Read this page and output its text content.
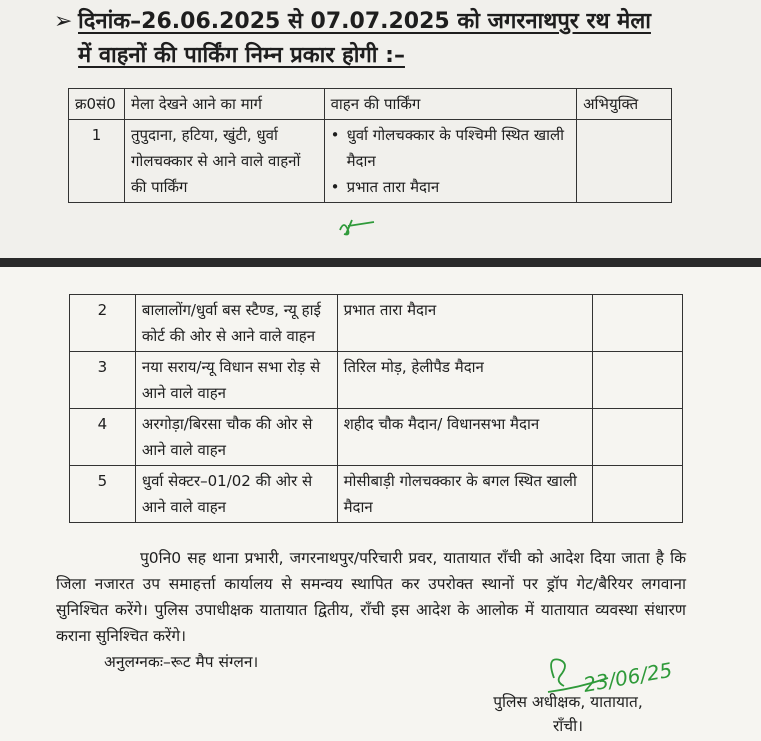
➢ दिनांक–26.06.2025 से 07.07.2025 को जगरनाथपुर रथ मेला
में वाहनों की पार्किंग निम्न प्रकार होगी :–
क्र0सं0	मेला देखने आने का मार्ग	वाहन की पार्किंग	अभियुक्ति
1	तुपुदाना, हटिया, खुंटी, धुर्वा गोलचक्कार से आने वाले वाहनों की पार्किंग	• धुर्वा गोलचक्कार के पश्चिमी स्थित खाली मैदान
• प्रभात तारा मैदान

2	बालालोंग/धुर्वा बस स्टैण्ड, न्यू हाई कोर्ट की ओर से आने वाले वाहन	प्रभात तारा मैदान	
3	नया सराय/न्यू विधान सभा रोड़ से आने वाले वाहन	तिरिल मोड़, हेलीपैड मैदान	
4	अरगोड़ा/बिरसा चौक की ओर से आने वाले वाहन	शहीद चौक मैदान/ विधानसभा मैदान	
5	धुर्वा सेक्टर–01/02 की ओर से आने वाले वाहन	मोसीबाड़ी गोलचक्कार के बगल स्थित खाली मैदान	
पु0नि0 सह थाना प्रभारी, जगरनाथपुर/परिचारी प्रवर, यातायात राँची को आदेश दिया जाता है कि जिला नजारत उप समाहर्त्ता कार्यालय से समन्वय स्थापित कर उपरोक्त स्थानों पर ड्रॉप गेट/बैरियर लगवाना सुनिश्चित करेंगे। पुलिस उपाधीक्षक यातायात द्वितीय, राँची इस आदेश के आलोक में यातायात व्यवस्था संधारण कराना सुनिश्चित करेंगे।
अनुलग्नकः–रूट मैप संग्लन।	23/06/25
पुलिस अधीक्षक, यातायात,
राँची।
